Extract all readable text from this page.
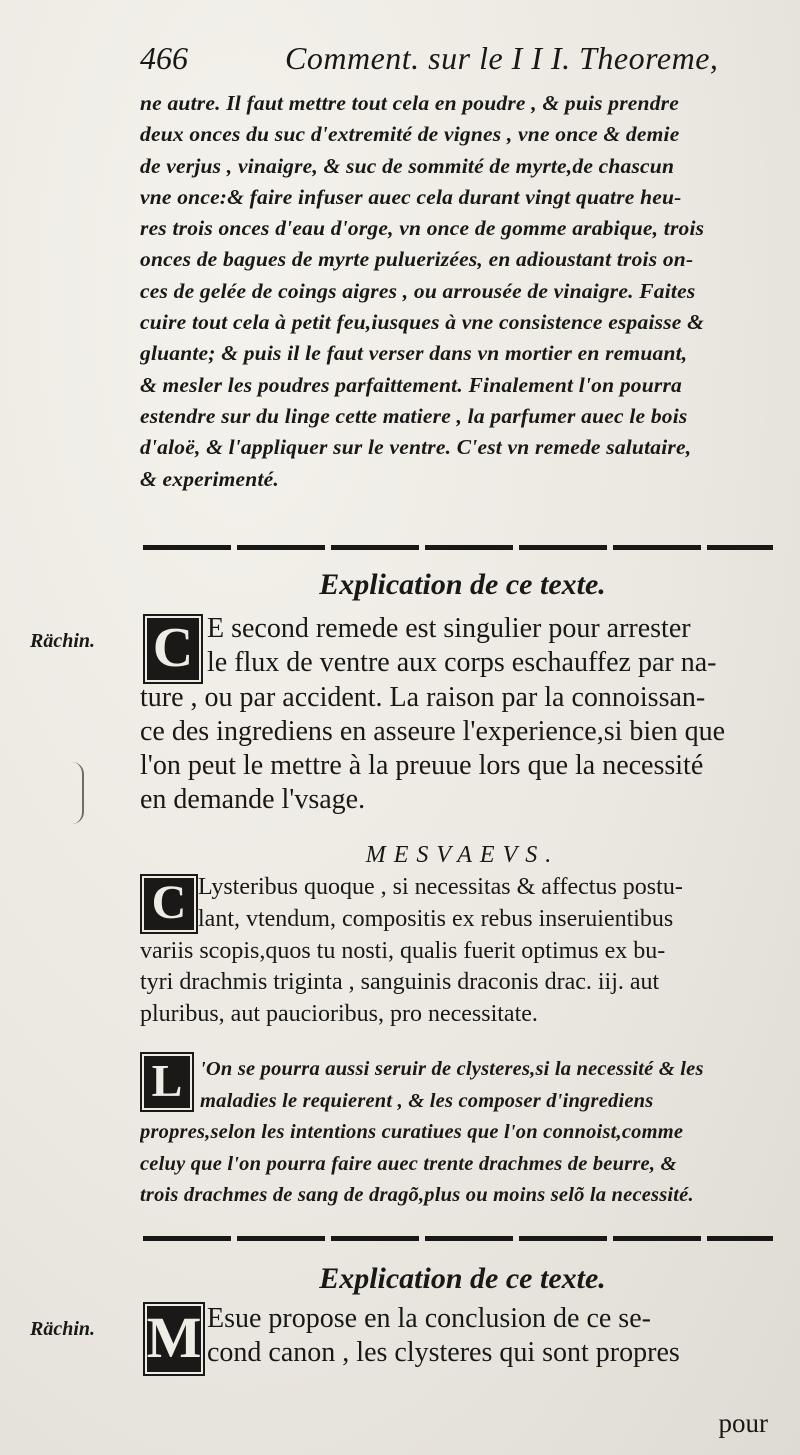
466	Comment. sur le I I I. Theoreme,
ne autre. Il faut mettre tout cela en poudre , & puis prendre
deux onces du suc d'extremité de vignes , vne once & demie
de verjus , vinaigre, & suc de sommité de myrte,de chascun
vne once:& faire infuser auec cela durant vingt quatre heu-
res trois onces d'eau d'orge, vn once de gomme arabique, trois
onces de bagues de myrte puluerizées, en adioustant trois on-
ces de gelée de coings aigres , ou arrousée de vinaigre. Faites
cuire tout cela à petit feu,iusques à vne consistence espaisse &
gluante; & puis il le faut verser dans vn mortier en remuant,
& mesler les poudres parfaittement. Finalement l'on pourra
estendre sur du linge cette matiere , la parfumer auec le bois
d'aloë, & l'appliquer sur le ventre. C'est vn remede salutaire,
& experimenté.
Explication de ce texte.
Rächin. C E second remede est singulier pour arrester
le flux de ventre aux corps eschauffez par na-
ture , ou par accident. La raison par la connoissan-
ce des ingrediens en asseure l'experience,si bien que
l'on peut le mettre à la preuue lors que la necessité
en demande l'vsage.
MESVAEVS.
C Lysteribus quoque , si necessitas & affectus postu-
lant, vtendum, compositis ex rebus inseruientibus
variis scopis,quos tu nosti, qualis fuerit optimus ex bu-
tyri drachmis triginta , sanguinis draconis drac. iij. aut
pluribus, aut paucioribus, pro necessitate.
L 'On se pourra aussi seruir de clysteres,si la necessité & les
maladies le requierent , & les composer d'ingrediens
propres,selon les intentions curatiues que l'on connoist,comme
celuy que l'on pourra faire auec trente drachmes de beurre, &
trois drachmes de sang de dragõ,plus ou moins selõ la necessité.
Explication de ce texte.
Rächin. M Esue propose en la conclusion de ce se-
cond canon , les clysteres qui sont propres
pour
